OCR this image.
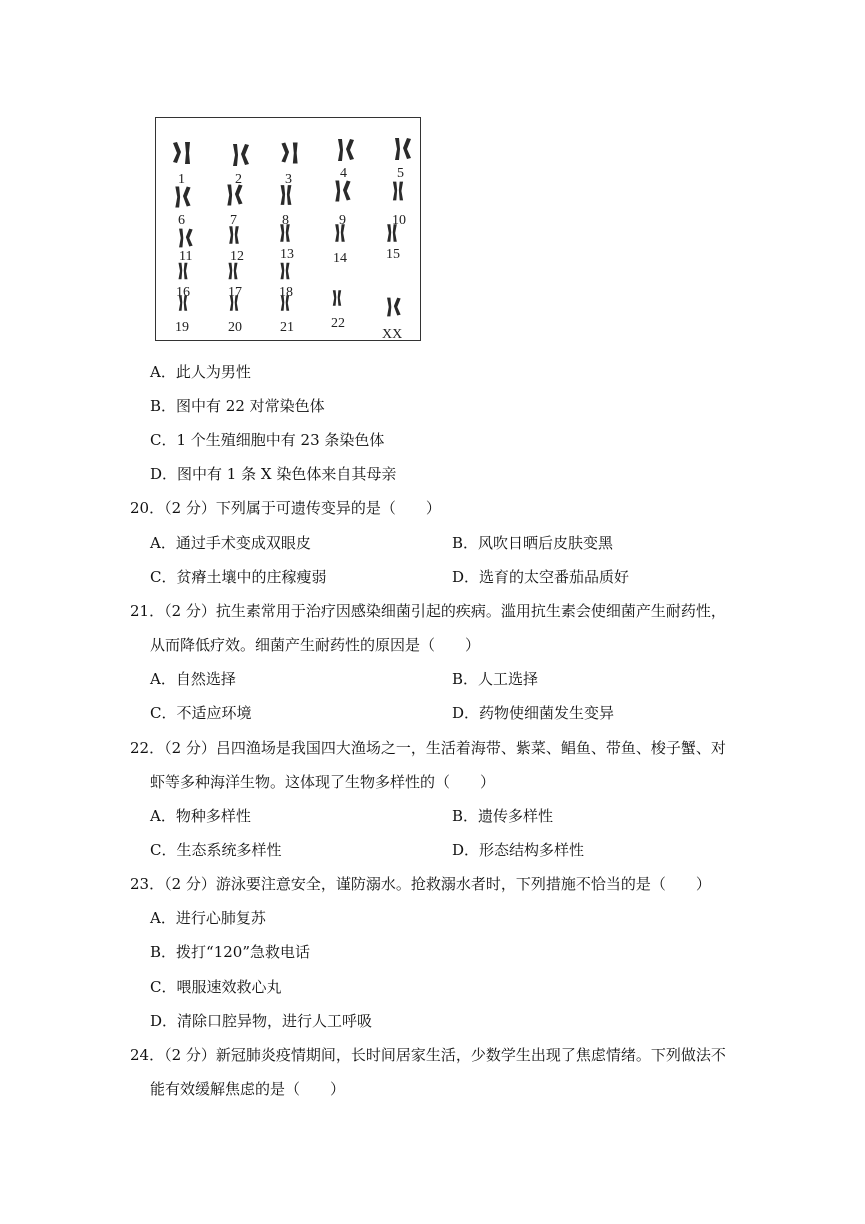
1	2	3	4	5
6	7	8	9	10
11	12	13	14	15
16	17	18
19	20	21	22
XX
A．此人为男性
B．图中有 22 对常染色体
C．1 个生殖细胞中有 23 条染色体
D．图中有 1 条 X 染色体来自其母亲
20．（2 分）下列属于可遗传变异的是（　　）
A．通过手术变成双眼皮	B．风吹日晒后皮肤变黑
C．贫瘠土壤中的庄稼瘦弱	D．选育的太空番茄品质好
21．（2 分）抗生素常用于治疗因感染细菌引起的疾病。滥用抗生素会使细菌产生耐药性，
从而降低疗效。细菌产生耐药性的原因是（　　）
A．自然选择	B．人工选择
C．不适应环境	D．药物使细菌发生变异
22．（2 分）吕四渔场是我国四大渔场之一，生活着海带、紫菜、鲳鱼、带鱼、梭子蟹、对
虾等多种海洋生物。这体现了生物多样性的（　　）
A．物种多样性	B．遗传多样性
C．生态系统多样性	D．形态结构多样性
23．（2 分）游泳要注意安全，谨防溺水。抢救溺水者时，下列措施不恰当的是（　　）
A．进行心肺复苏
B．拨打“120”急救电话
C．喂服速效救心丸
D．清除口腔异物，进行人工呼吸
24．（2 分）新冠肺炎疫情期间，长时间居家生活，少数学生出现了焦虑情绪。下列做法不
能有效缓解焦虑的是（　　）
